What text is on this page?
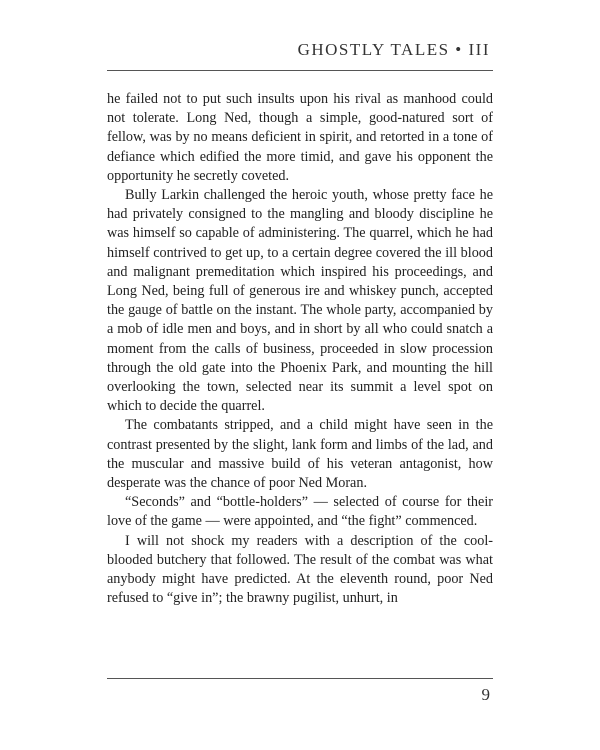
GHOSTLY TALES • III

he failed not to put such insults upon his rival as manhood could not tolerate. Long Ned, though a simple, good-natured sort of fellow, was by no means deficient in spirit, and retorted in a tone of defiance which edified the more timid, and gave his opponent the opportunity he secretly coveted.

Bully Larkin challenged the heroic youth, whose pretty face he had privately consigned to the mangling and bloody discipline he was himself so capable of administering. The quarrel, which he had himself contrived to get up, to a certain degree covered the ill blood and malignant premeditation which inspired his proceedings, and Long Ned, being full of generous ire and whiskey punch, accepted the gauge of battle on the instant. The whole party, accompanied by a mob of idle men and boys, and in short by all who could snatch a moment from the calls of business, proceeded in slow procession through the old gate into the Phoenix Park, and mounting the hill overlooking the town, selected near its summit a level spot on which to decide the quarrel.

The combatants stripped, and a child might have seen in the contrast presented by the slight, lank form and limbs of the lad, and the muscular and massive build of his veteran antagonist, how desperate was the chance of poor Ned Moran.

“Seconds” and “bottle-holders” — selected of course for their love of the game — were appointed, and “the fight” commenced.

I will not shock my readers with a description of the cool-blooded butchery that followed. The result of the combat was what anybody might have predicted. At the eleventh round, poor Ned refused to “give in”; the brawny pugilist, unhurt, in

9
